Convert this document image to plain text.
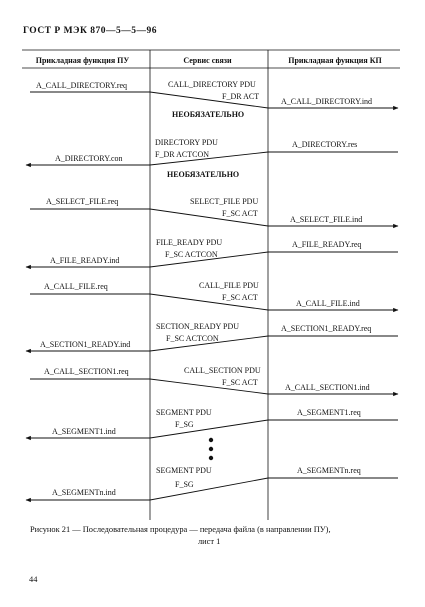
ГОСТ Р МЭК 870—5—5—96
Прикладная функция ПУ	Сервис связи	Прикладная функция КП
A_CALL_DIRECTORY.req	CALL_DIRECTORY PDU
F_DR ACT
A_CALL_DIRECTORY.ind
НЕОБЯЗАТЕЛЬНО
DIRECTORY PDU
F_DR ACTCON
A_DIRECTORY.res
A_DIRECTORY.con
НЕОБЯЗАТЕЛЬНО
A_SELECT_FILE.req	SELECT_FILE PDU
F_SC ACT
A_SELECT_FILE.ind
FILE_READY PDU
F_SC ACTCON
A_FILE_READY.req
A_FILE_READY.ind
A_CALL_FILE.req	CALL_FILE PDU
F_SC ACT
A_CALL_FILE.ind
SECTION_READY PDU
F_SC ACTCON
A_SECTION1_READY.req
A_SECTION1_READY.ind
A_CALL_SECTION1.req	CALL_SECTION PDU
F_SC ACT
A_CALL_SECTION1.ind
SEGMENT PDU
F_SG
A_SEGMENT1.req
A_SEGMENT1.ind
SEGMENT PDU
F_SG
A_SEGMENTn.req
A_SEGMENTn.ind
Рисунок 21 — Последовательная процедура — передача файла (в направлении ПУ),
лист 1
44
